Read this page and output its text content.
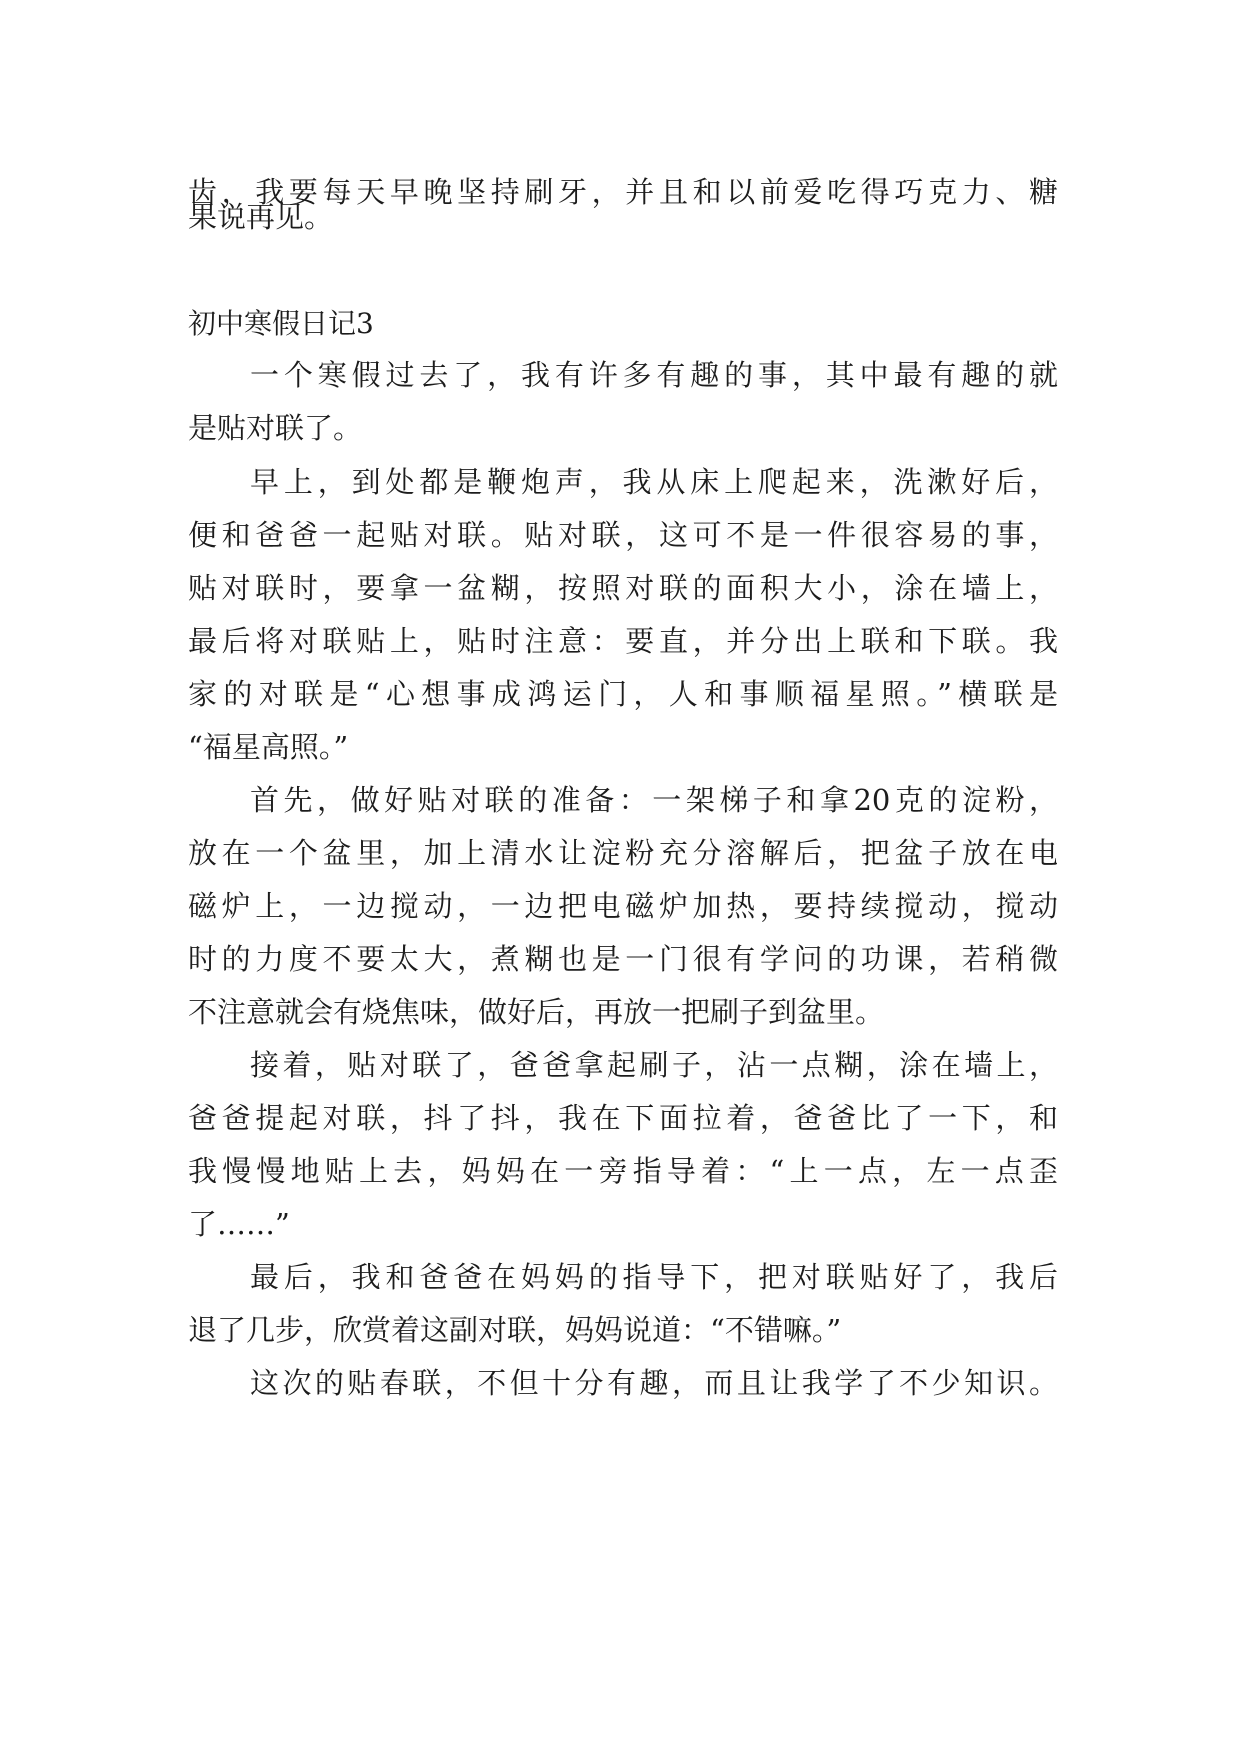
齿，我要每天早晚坚持刷牙，并且和以前爱吃得巧克力、糖

果说再见。

初中寒假日记3

一个寒假过去了，我有许多有趣的事，其中最有趣的就

是贴对联了。

早上，到处都是鞭炮声，我从床上爬起来，洗漱好后，

便和爸爸一起贴对联。贴对联，这可不是一件很容易的事，

贴对联时，要拿一盆糊，按照对联的面积大小，涂在墙上，

最后将对联贴上，贴时注意：要直，并分出上联和下联。我

家的对联是“心想事成鸿运门，人和事顺福星照。”横联是

“福星高照。”

首先，做好贴对联的准备：一架梯子和拿20克的淀粉，

放在一个盆里，加上清水让淀粉充分溶解后，把盆子放在电

磁炉上，一边搅动，一边把电磁炉加热，要持续搅动，搅动

时的力度不要太大，煮糊也是一门很有学问的功课，若稍微

不注意就会有烧焦味，做好后，再放一把刷子到盆里。

接着，贴对联了，爸爸拿起刷子，沾一点糊，涂在墙上，

爸爸提起对联，抖了抖，我在下面拉着，爸爸比了一下，和

我慢慢地贴上去，妈妈在一旁指导着：“上一点，左一点歪

了……”

最后，我和爸爸在妈妈的指导下，把对联贴好了，我后

退了几步，欣赏着这副对联，妈妈说道：“不错嘛。”

这次的贴春联，不但十分有趣，而且让我学了不少知识。
